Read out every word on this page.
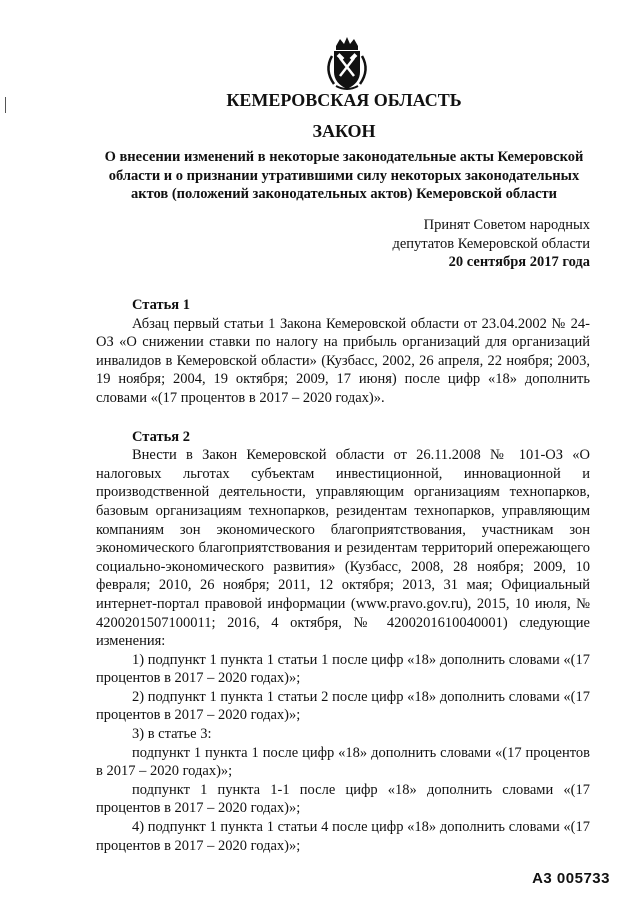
КЕМЕРОВСКАЯ ОБЛАСТЬ
ЗАКОН
О внесении изменений в некоторые законодательные акты Кемеровской области и о признании утратившими силу некоторых законодательных актов (положений законодательных актов) Кемеровской области
Принят Советом народных
депутатов Кемеровской области
20 сентября 2017 года

Статья 1

Абзац первый статьи 1 Закона Кемеровской области от 23.04.2002 № 24-ОЗ «О снижении ставки по налогу на прибыль организаций для организаций инвалидов в Кемеровской области» (Кузбасс, 2002, 26 апреля, 22 ноября; 2003, 19 ноября; 2004, 19 октября; 2009, 17 июня) после цифр «18» дополнить словами «(17 процентов в 2017 – 2020 годах)».

Статья 2

Внести в Закон Кемеровской области от 26.11.2008 № 101-ОЗ «О налоговых льготах субъектам инвестиционной, инновационной и производственной деятельности, управляющим организациям технопарков, базовым организациям технопарков, резидентам технопарков, управляющим компаниям зон экономического благоприятствования, участникам зон экономического благоприятствования и резидентам территорий опережающего социально-экономического развития» (Кузбасс, 2008, 28 ноября; 2009, 10 февраля; 2010, 26 ноября; 2011, 12 октября; 2013, 31 мая; Официальный интернет-портал правовой информации (www.pravo.gov.ru), 2015, 10 июля, № 4200201507100011; 2016, 4 октября, № 4200201610040001) следующие изменения:

1) подпункт 1 пункта 1 статьи 1 после цифр «18» дополнить словами «(17 процентов в 2017 – 2020 годах)»;

2) подпункт 1 пункта 1 статьи 2 после цифр «18» дополнить словами «(17 процентов в 2017 – 2020 годах)»;

3) в статье 3:

подпункт 1 пункта 1 после цифр «18» дополнить словами «(17 процентов в 2017 – 2020 годах)»;

подпункт 1 пункта 1-1 после цифр «18» дополнить словами «(17 процентов в 2017 – 2020 годах)»;

4) подпункт 1 пункта 1 статьи 4 после цифр «18» дополнить словами «(17 процентов в 2017 – 2020 годах)»;

А3 005733
